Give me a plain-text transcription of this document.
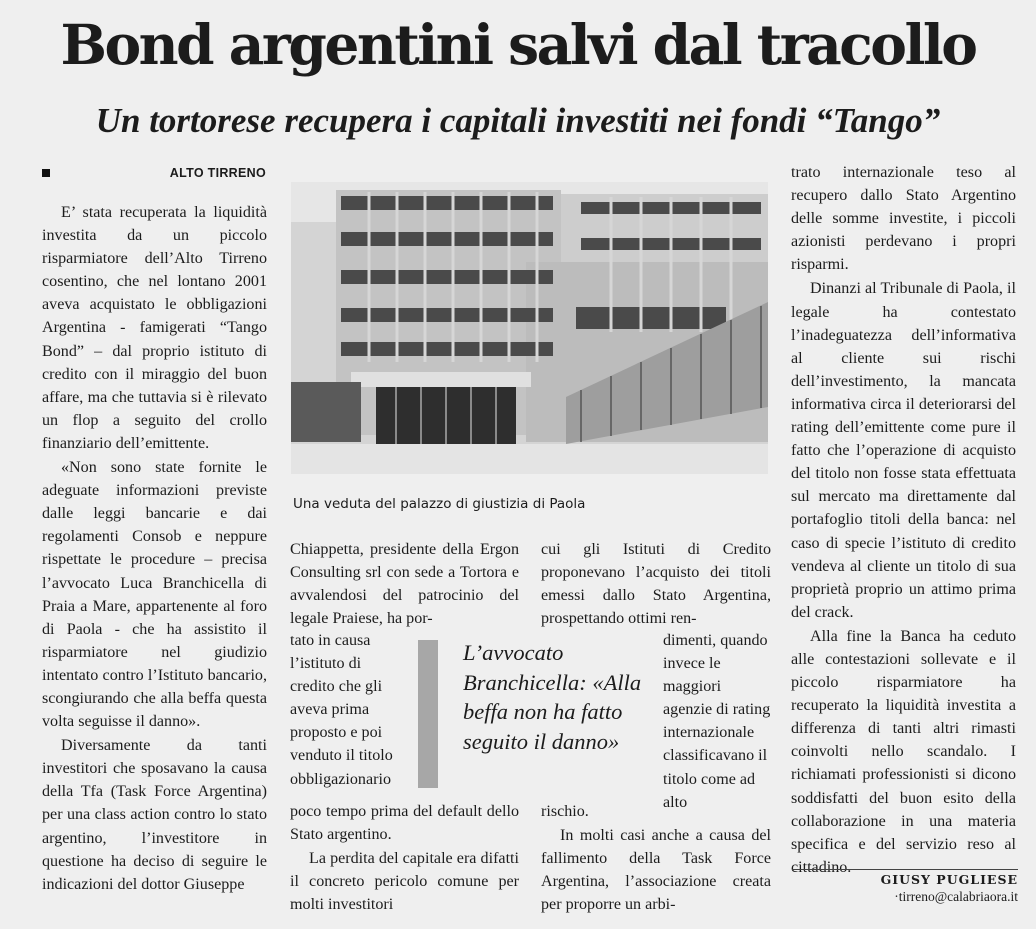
Bond argentini salvi dal tracollo
Un tortorese recupera i capitali investiti nei fondi “Tango”
ALTO TIRRENO

E’ stata recuperata la liquidità investita da un piccolo risparmiatore dell’Alto Tirreno cosentino, che nel lontano 2001 aveva acquistato le obbligazioni Argentina - famigerati “Tango Bond” – dal proprio istituto di credito con il miraggio del buon affare, ma che tuttavia si è rilevato un flop a seguito del crollo finanziario dell’emittente.

«Non sono state fornite le adeguate informazioni previste dalle leggi bancarie e dai regolamenti Consob e neppure rispettate le procedure – precisa l’avvocato Luca Branchicella di Praia a Mare, appartenente al foro di Paola - che ha assistito il risparmiatore nel giudizio intentato contro l’Istituto bancario, scongiurando che alla beffa questa volta seguisse il danno».

Diversamente da tanti investitori che sposavano la causa della Tfa (Task Force Argentina) per una class action contro lo stato argentino, l’investitore in questione ha deciso di seguire le indicazioni del dottor Giuseppe

Una veduta del palazzo di giustizia di Paola

Chiappetta, presidente della Ergon Consulting srl con sede a Tortora e avvalendosi del patrocinio del legale Praiese, ha por-

cui gli Istituti di Credito proponevano l’acquisto dei titoli emessi dallo Stato Argentina, prospettando ottimi ren-

tato in causa l’istituto di credito che gli aveva prima proposto e poi venduto il titolo obbligazionario

L’avvocato Branchicella: «Alla beffa non ha fatto seguito il danno»

dimenti, quando invece le maggiori agenzie di rating internazionale classificavano il titolo come ad alto

poco tempo prima del default dello Stato argentino.

La perdita del capitale era difatti il concreto pericolo comune per molti investitori

rischio.

In molti casi anche a causa del fallimento della Task Force Argentina, l’associazione creata per proporre un arbi-

trato internazionale teso al recupero dallo Stato Argentino delle somme investite, i piccoli azionisti perdevano i propri risparmi.

Dinanzi al Tribunale di Paola, il legale ha contestato l’inadeguatezza dell’informativa al cliente sui rischi dell’investimento, la mancata informativa circa il deteriorarsi del rating dell’emittente come pure il fatto che l’operazione di acquisto del titolo non fosse stata effettuata sul mercato ma direttamente dal portafoglio titoli della banca: nel caso di specie l’istituto di credito vendeva al cliente un titolo di sua proprietà proprio un attimo prima del crack.

Alla fine la Banca ha ceduto alle contestazioni sollevate e il piccolo risparmiatore ha recuperato la liquidità investita a differenza di tanti altri rimasti coinvolti nello scandalo. I richiamati professionisti si dicono soddisfatti del buon esito della collaborazione in una materia specifica e del servizio reso al cittadino.

GIUSY PUGLIESE
·tirreno@calabriaora.it
